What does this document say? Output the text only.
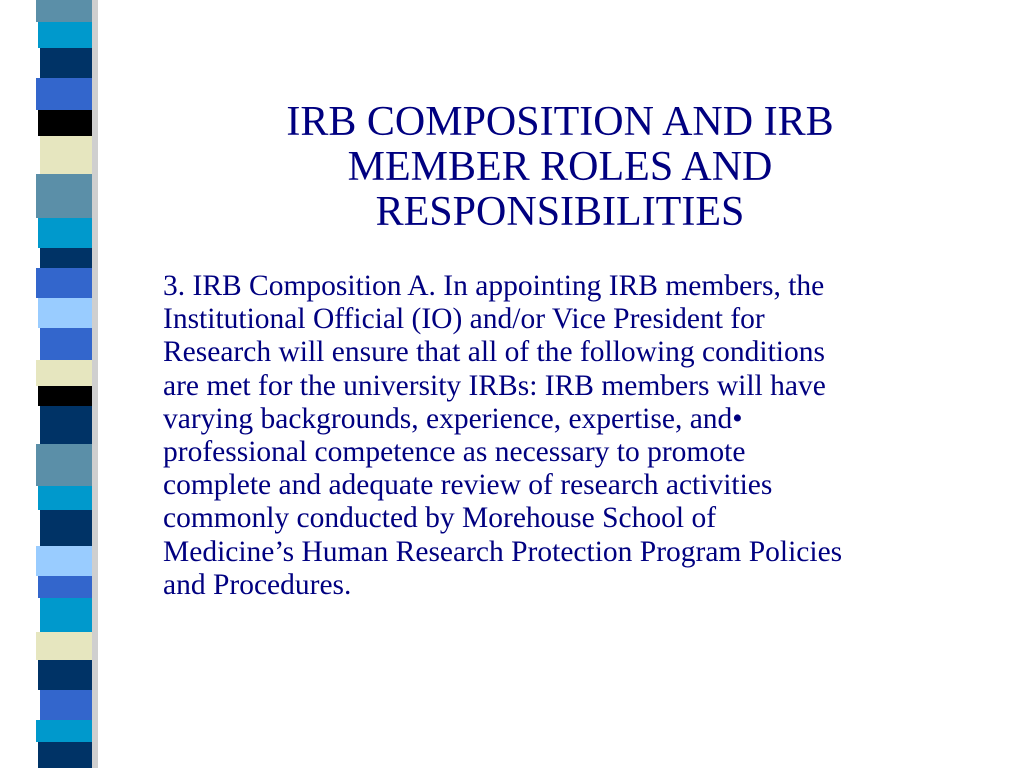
IRB COMPOSITION AND IRB
MEMBER ROLES AND
RESPONSIBILITIES

3. IRB Composition A. In appointing IRB members, the
Institutional Official (IO) and/or Vice President for
Research will ensure that all of the following conditions
are met for the university IRBs: IRB members will have
varying backgrounds, experience, expertise, and•
professional competence as necessary to promote
complete and adequate review of research activities
commonly conducted by Morehouse School of
Medicine’s Human Research Protection Program Policies
and Procedures.
